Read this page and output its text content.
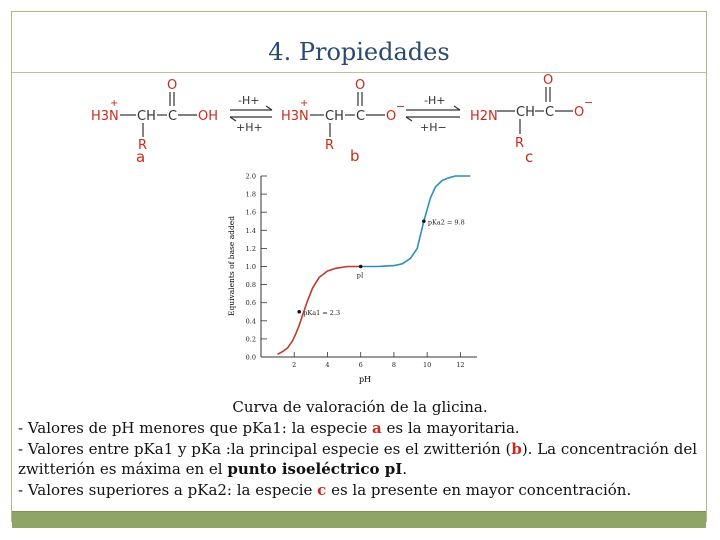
4. Propiedades
H3N
+
O
OH
R
H3N
+
O
O
−
R
H2N
O
O
−
R
CH C	CH C	CH C
-H+
+H+
-H+
+H−
a	b	c
0.0
0.2
0.4
0.6
0.8
1.0
1.2
1.4
1.6
1.8
2.0
2	4	6	8	10	12
pKa1 = 2.3
pI
pKa2 = 9.8
pH
Equivalents of base added
Curva de valoración de la glicina.
- Valores de pH menores que pKa1: la especie a es la mayoritaria.
- Valores entre pKa1 y pKa :la principal especie es el zwitterión (b). La concentración del zwitterión es máxima en el punto isoeléctrico pI.
- Valores superiores a pKa2: la especie c es la presente en mayor concentración.
